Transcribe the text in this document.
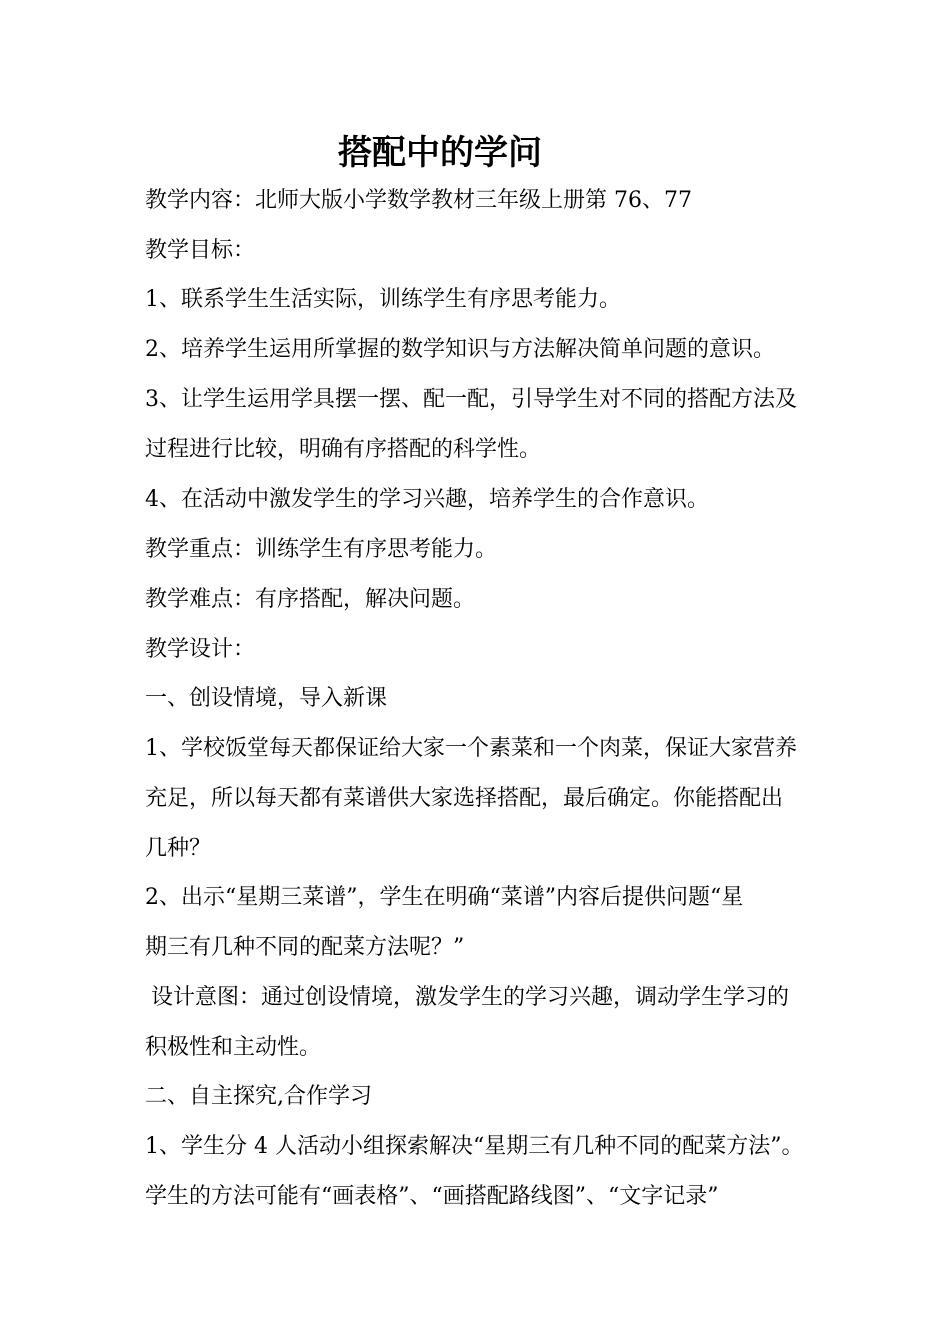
搭配中的学问
教学内容：北师大版小学数学教材三年级上册第 76、77
教学目标：
1、联系学生生活实际，训练学生有序思考能力。
2、培养学生运用所掌握的数学知识与方法解决简单问题的意识。
3、让学生运用学具摆一摆、配一配，引导学生对不同的搭配方法及
过程进行比较，明确有序搭配的科学性。
4、在活动中激发学生的学习兴趣，培养学生的合作意识。
教学重点：训练学生有序思考能力。
教学难点：有序搭配，解决问题。
教学设计：
一、创设情境，导入新课
1、学校饭堂每天都保证给大家一个素菜和一个肉菜，保证大家营养
充足，所以每天都有菜谱供大家选择搭配，最后确定。你能搭配出
几种？
2、出示“星期三菜谱”，学生在明确“菜谱”内容后提供问题“星
期三有几种不同的配菜方法呢？”
设计意图：通过创设情境，激发学生的学习兴趣，调动学生学习的
积极性和主动性。
二、自主探究,合作学习
1、学生分 4 人活动小组探索解决“星期三有几种不同的配菜方法”。
学生的方法可能有“画表格”、“画搭配路线图”、“文字记录”
